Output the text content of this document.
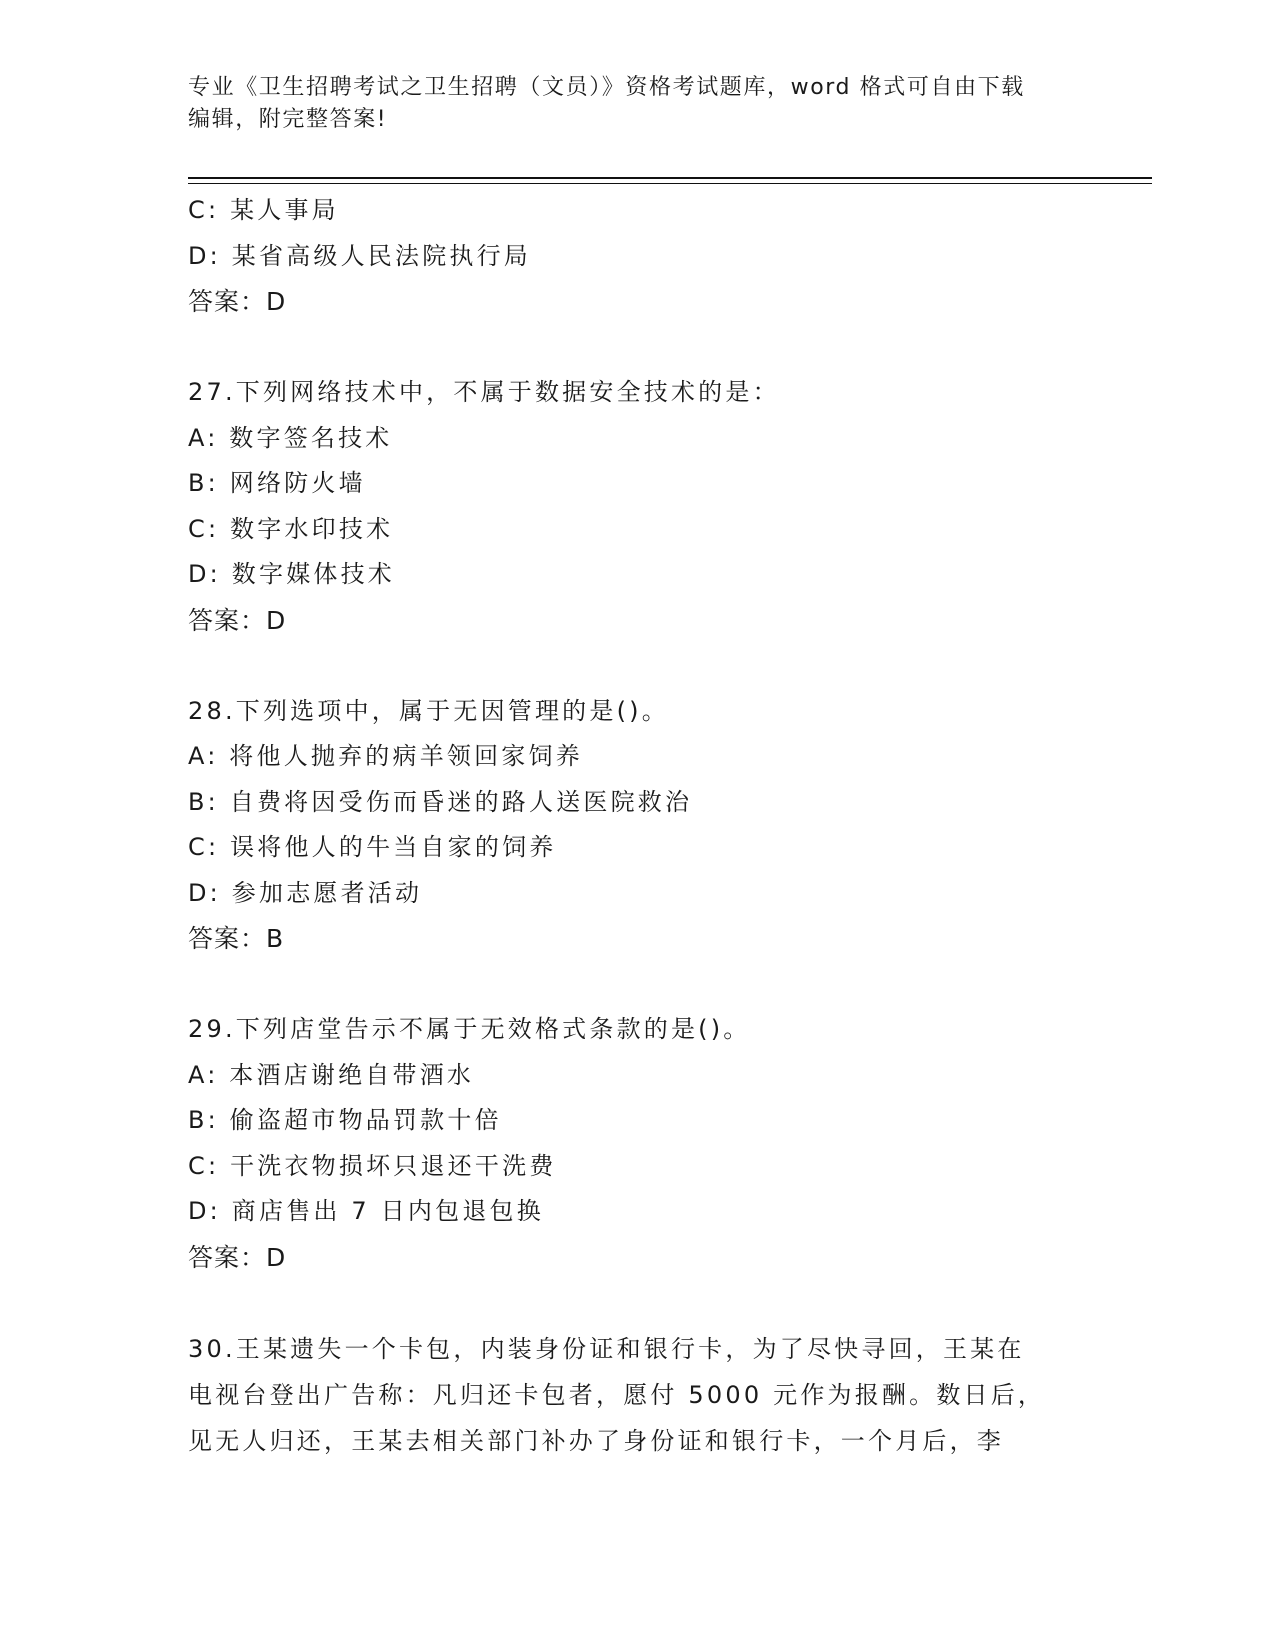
专业《卫生招聘考试之卫生招聘（文员）》资格考试题库，word 格式可自由下载
编辑，附完整答案!
C: 某人事局
D: 某省高级人民法院执行局
答案：D
27.下列网络技术中，不属于数据安全技术的是：
A: 数字签名技术
B: 网络防火墙
C: 数字水印技术
D: 数字媒体技术
答案：D
28.下列选项中，属于无因管理的是()。
A: 将他人抛弃的病羊领回家饲养
B: 自费将因受伤而昏迷的路人送医院救治
C: 误将他人的牛当自家的饲养
D: 参加志愿者活动
答案：B
29.下列店堂告示不属于无效格式条款的是()。
A: 本酒店谢绝自带酒水
B: 偷盗超市物品罚款十倍
C: 干洗衣物损坏只退还干洗费
D: 商店售出 7 日内包退包换
答案：D
30.王某遗失一个卡包，内装身份证和银行卡，为了尽快寻回，王某在
电视台登出广告称：凡归还卡包者，愿付 5000 元作为报酬。数日后，
见无人归还，王某去相关部门补办了身份证和银行卡，一个月后，李
